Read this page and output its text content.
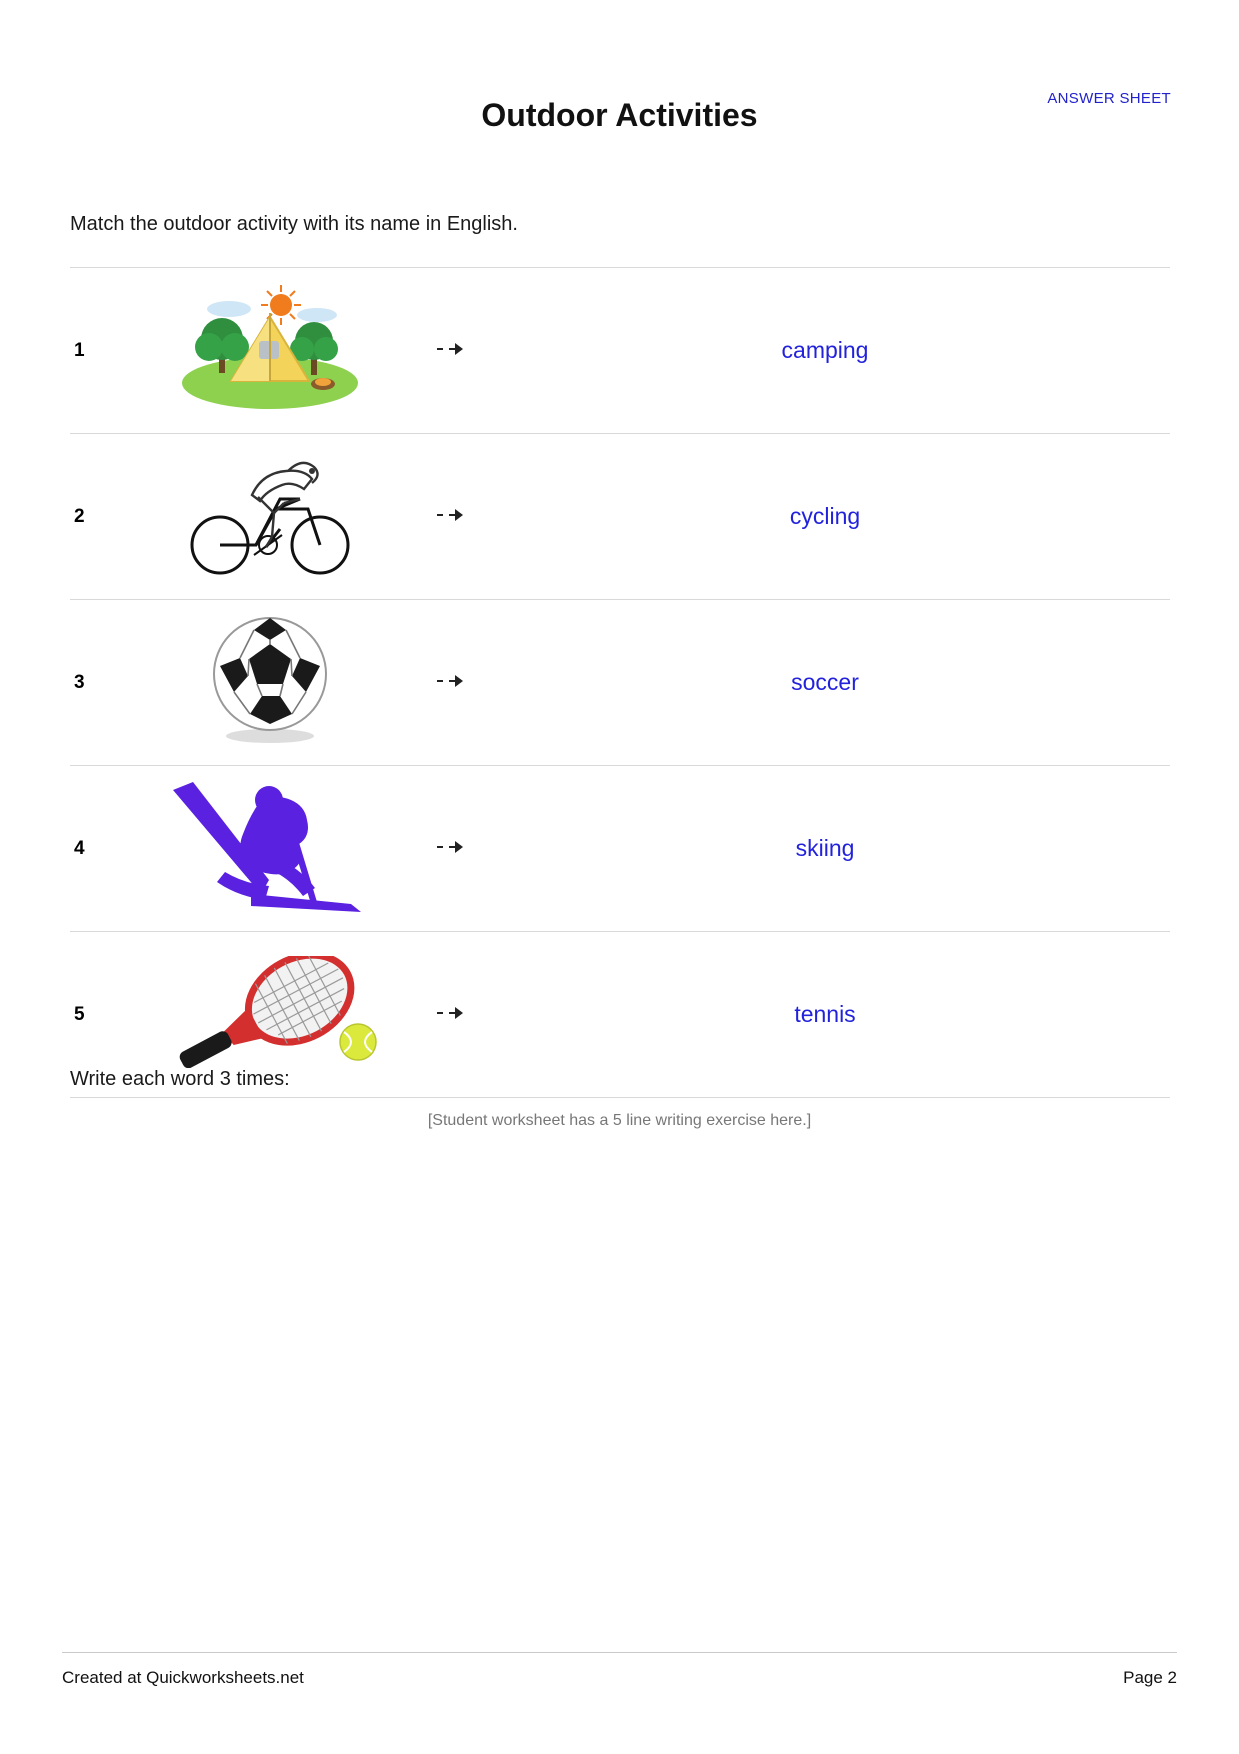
ANSWER SHEET
Outdoor Activities
Match the outdoor activity with its name in English.
1			camping
2			cycling
3			soccer
4			skiing
5			tennis
Write each word 3 times:
[Student worksheet has a 5 line writing exercise here.]
Created at Quickworksheets.net	Page 2
